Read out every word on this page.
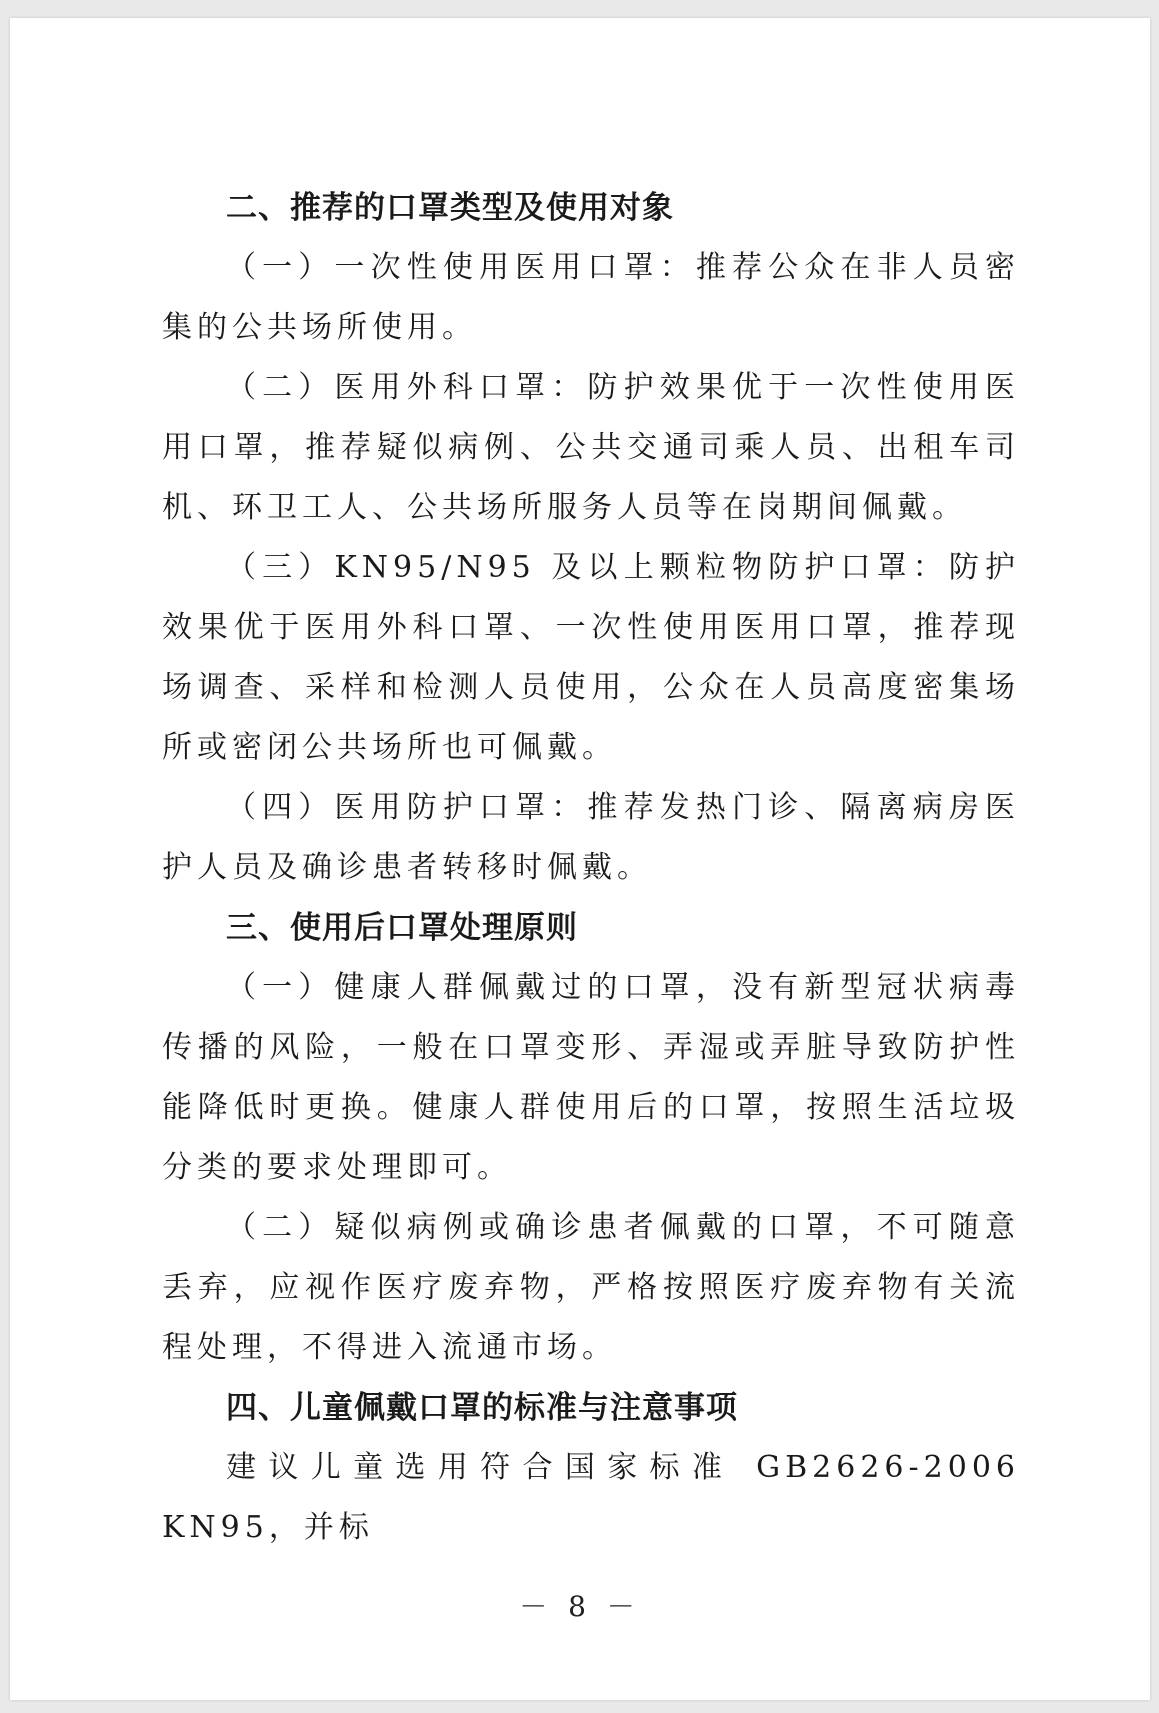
二、推荐的口罩类型及使用对象

（一）一次性使用医用口罩：推荐公众在非人员密集的公共场所使用。

（二）医用外科口罩：防护效果优于一次性使用医用口罩，推荐疑似病例、公共交通司乘人员、出租车司机、环卫工人、公共场所服务人员等在岗期间佩戴。

（三）KN95/N95 及以上颗粒物防护口罩：防护效果优于医用外科口罩、一次性使用医用口罩，推荐现场调查、采样和检测人员使用，公众在人员高度密集场所或密闭公共场所也可佩戴。

（四）医用防护口罩：推荐发热门诊、隔离病房医护人员及确诊患者转移时佩戴。

三、使用后口罩处理原则

（一）健康人群佩戴过的口罩，没有新型冠状病毒传播的风险，一般在口罩变形、弄湿或弄脏导致防护性能降低时更换。健康人群使用后的口罩，按照生活垃圾分类的要求处理即可。

（二）疑似病例或确诊患者佩戴的口罩，不可随意丢弃，应视作医疗废弃物，严格按照医疗废弃物有关流程处理，不得进入流通市场。

四、儿童佩戴口罩的标准与注意事项

建议儿童选用符合国家标准 GB2626-2006　KN95，并标

－ 8 －
